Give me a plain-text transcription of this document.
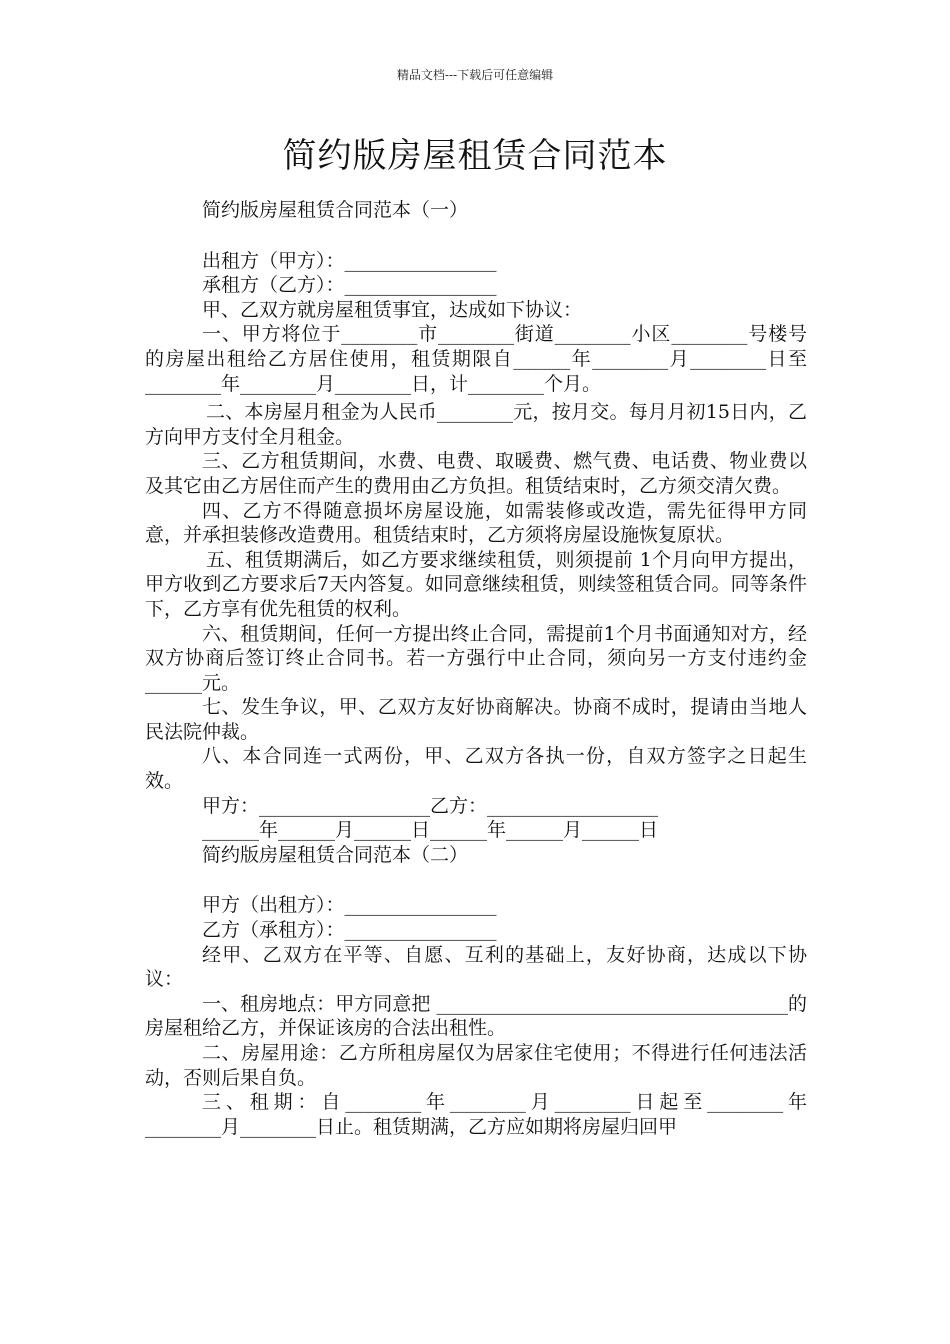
精品文档---下载后可任意编辑
简约版房屋租赁合同范本

简约版房屋租赁合同范本（一）

出租方（甲方）：________________

承租方（乙方）：________________

甲、乙双方就房屋租赁事宜，达成如下协议：

一、甲方将位于________市________街道________小区________号楼号的房屋出租给乙方居住使用，租赁期限自______年________月________日至________年________月________日，计________个月。

二、本房屋月租金为人民币________元，按月交。每月月初15日内，乙方向甲方支付全月租金。

三、乙方租赁期间，水费、电费、取暖费、燃气费、电话费、物业费以及其它由乙方居住而产生的费用由乙方负担。租赁结束时，乙方须交清欠费。

四、乙方不得随意损坏房屋设施，如需装修或改造，需先征得甲方同意，并承担装修改造费用。租赁结束时，乙方须将房屋设施恢复原状。

五、租赁期满后，如乙方要求继续租赁，则须提前 1个月向甲方提出，甲方收到乙方要求后7天内答复。如同意继续租赁，则续签租赁合同。同等条件下，乙方享有优先租赁的权利。

六、租赁期间，任何一方提出终止合同，需提前1个月书面通知对方，经双方协商后签订终止合同书。若一方强行中止合同，须向另一方支付违约金______元。

七、发生争议，甲、乙双方友好协商解决。协商不成时，提请由当地人民法院仲裁。

八、本合同连一式两份，甲、乙双方各执一份，自双方签字之日起生效。

甲方：__________________乙方：__________________

______年______月______日______年______月______日

简约版房屋租赁合同范本（二）

甲方（出租方）：________________

乙方（承租方）：________________

经甲、乙双方在平等、自愿、互利的基础上，友好协商，达成以下协议：

一、租房地点：甲方同意把 _____________________________________的房屋租给乙方，并保证该房的合法出租性。

二、房屋用途：乙方所租房屋仅为居家住宅使用；不得进行任何违法活动，否则后果自负。

三、租期：自________年________月________日起至________年________月________日止。租赁期满，乙方应如期将房屋归回甲
